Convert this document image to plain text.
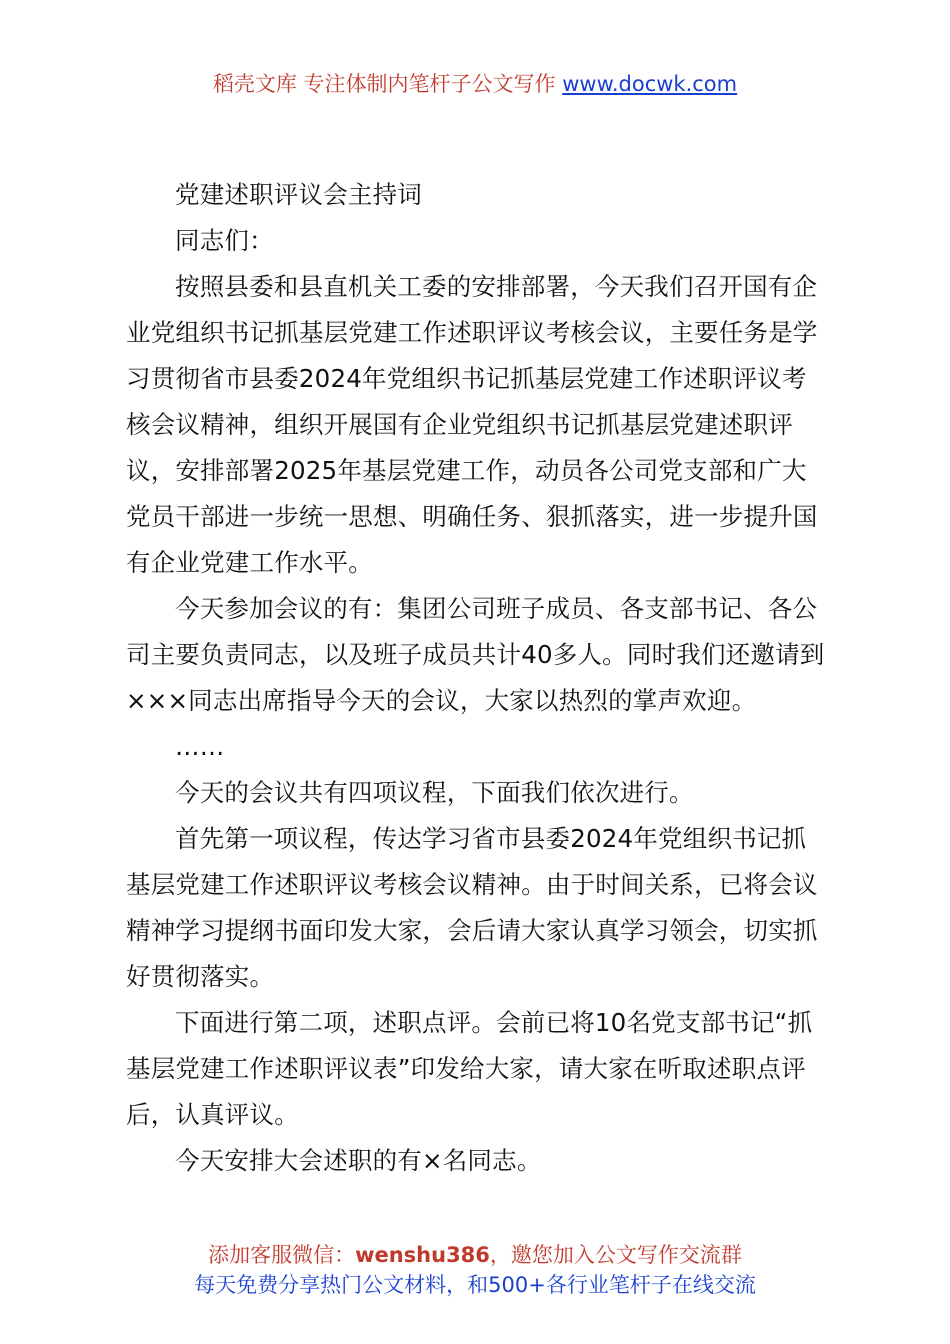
稻壳文库 专注体制内笔杆子公文写作 www.docwk.com

党建述职评议会主持词

同志们：

按照县委和县直机关工委的安排部署，今天我们召开国有企业党组织书记抓基层党建工作述职评议考核会议，主要任务是学习贯彻省市县委2024年党组织书记抓基层党建工作述职评议考核会议精神，组织开展国有企业党组织书记抓基层党建述职评议，安排部署2025年基层党建工作，动员各公司党支部和广大党员干部进一步统一思想、明确任务、狠抓落实，进一步提升国有企业党建工作水平。

今天参加会议的有：集团公司班子成员、各支部书记、各公司主要负责同志，以及班子成员共计40多人。同时我们还邀请到×××同志出席指导今天的会议，大家以热烈的掌声欢迎。

……

今天的会议共有四项议程，下面我们依次进行。

首先第一项议程，传达学习省市县委2024年党组织书记抓基层党建工作述职评议考核会议精神。由于时间关系，已将会议精神学习提纲书面印发大家，会后请大家认真学习领会，切实抓好贯彻落实。

下面进行第二项，述职点评。会前已将10名党支部书记“抓基层党建工作述职评议表”印发给大家，请大家在听取述职点评后，认真评议。

今天安排大会述职的有×名同志。

添加客服微信：wenshu386，邀您加入公文写作交流群
每天免费分享热门公文材料，和500+各行业笔杆子在线交流
